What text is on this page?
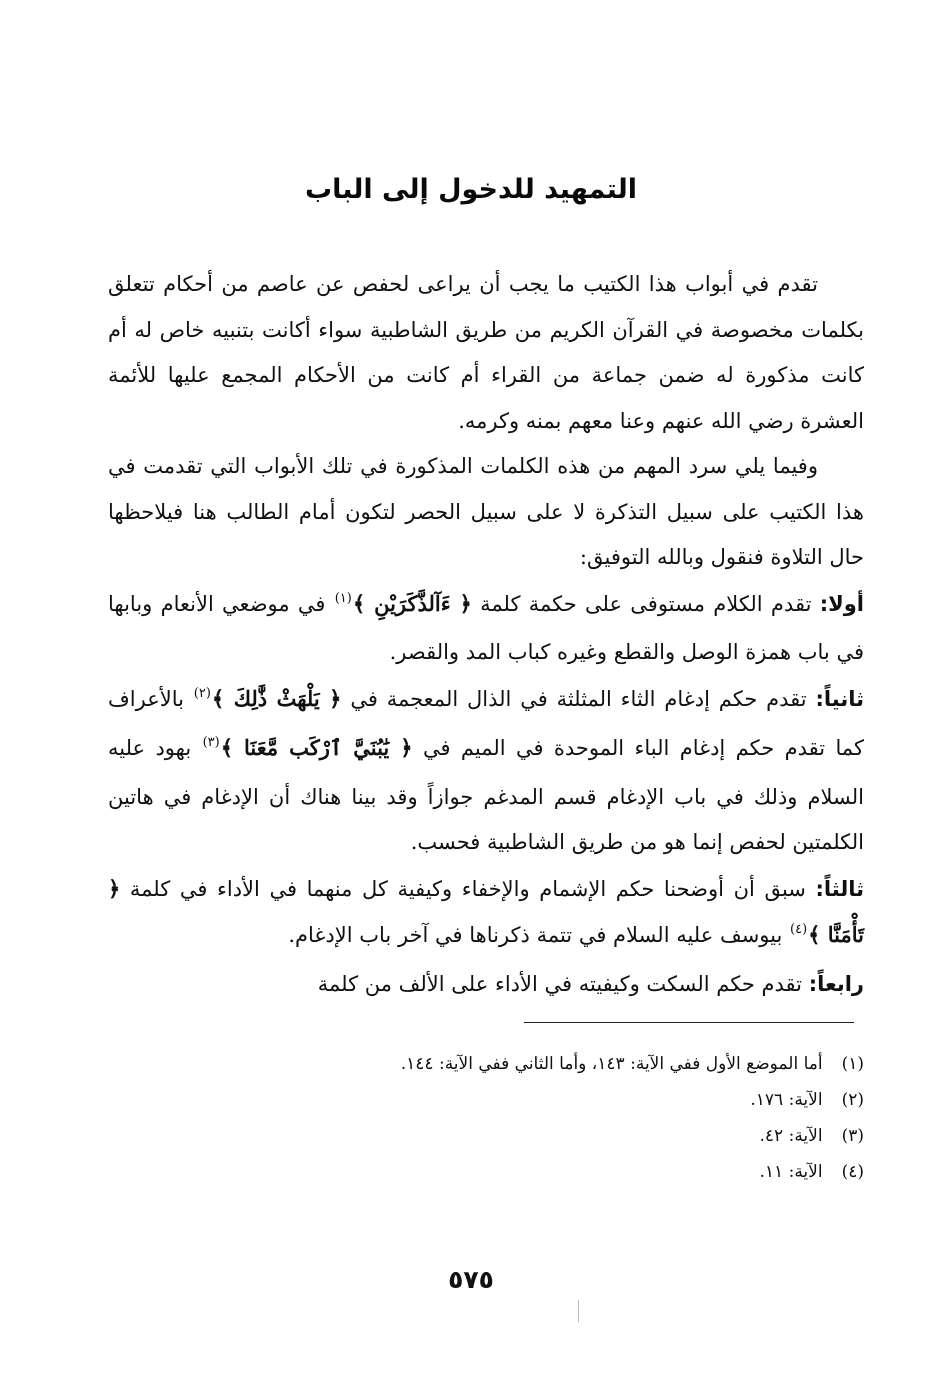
التمهيد للدخول إلى الباب

تقدم في أبواب هذا الكتيب ما يجب أن يراعى لحفص عن عاصم من أحكام تتعلق بكلمات مخصوصة في القرآن الكريم من طريق الشاطبية سواء أكانت بتنبيه خاص له أم كانت مذكورة له ضمن جماعة من القراء أم كانت من الأحكام المجمع عليها للأئمة العشرة رضي الله عنهم وعنا معهم بمنه وكرمه.

وفيما يلي سرد المهم من هذه الكلمات المذكورة في تلك الأبواب التي تقدمت في هذا الكتيب على سبيل التذكرة لا على سبيل الحصر لتكون أمام الطالب هنا فيلاحظها حال التلاوة فنقول وبالله التوفيق:

أولا: تقدم الكلام مستوفى على حكمة كلمة ﴿ ءَآلذَّكَرَيْنِ ﴾$^{(١)}$ في موضعي الأنعام وبابها في باب همزة الوصل والقطع وغيره كباب المد والقصر.

ثانياً: تقدم حكم إدغام الثاء المثلثة في الذال المعجمة في ﴿ يَلْهَثْ ذَّٰلِكَ ﴾$^{(٢)}$ بالأعراف كما تقدم حكم إدغام الباء الموحدة في الميم في ﴿ يَٰبُنَيَّ ٱرْكَب مَّعَنَا ﴾$^{(٣)}$ بهود عليه السلام وذلك في باب الإدغام قسم المدغم جوازاً وقد بينا هناك أن الإدغام في هاتين الكلمتين لحفص إنما هو من طريق الشاطبية فحسب.

ثالثاً: سبق أن أوضحنا حكم الإشمام والإخفاء وكيفية كل منهما في الأداء في كلمة ﴿ تَأْمَنَّا ﴾$^{(٤)}$ بيوسف عليه السلام في تتمة ذكرناها في آخر باب الإدغام.

رابعاً: تقدم حكم السكت وكيفيته في الأداء على الألف من كلمة

(١) أما الموضع الأول ففي الآية: ١٤٣، وأما الثاني ففي الآية: ١٤٤.
(٢) الآية: ١٧٦.
(٣) الآية: ٤٢.
(٤) الآية: ١١.
٥٧٥
